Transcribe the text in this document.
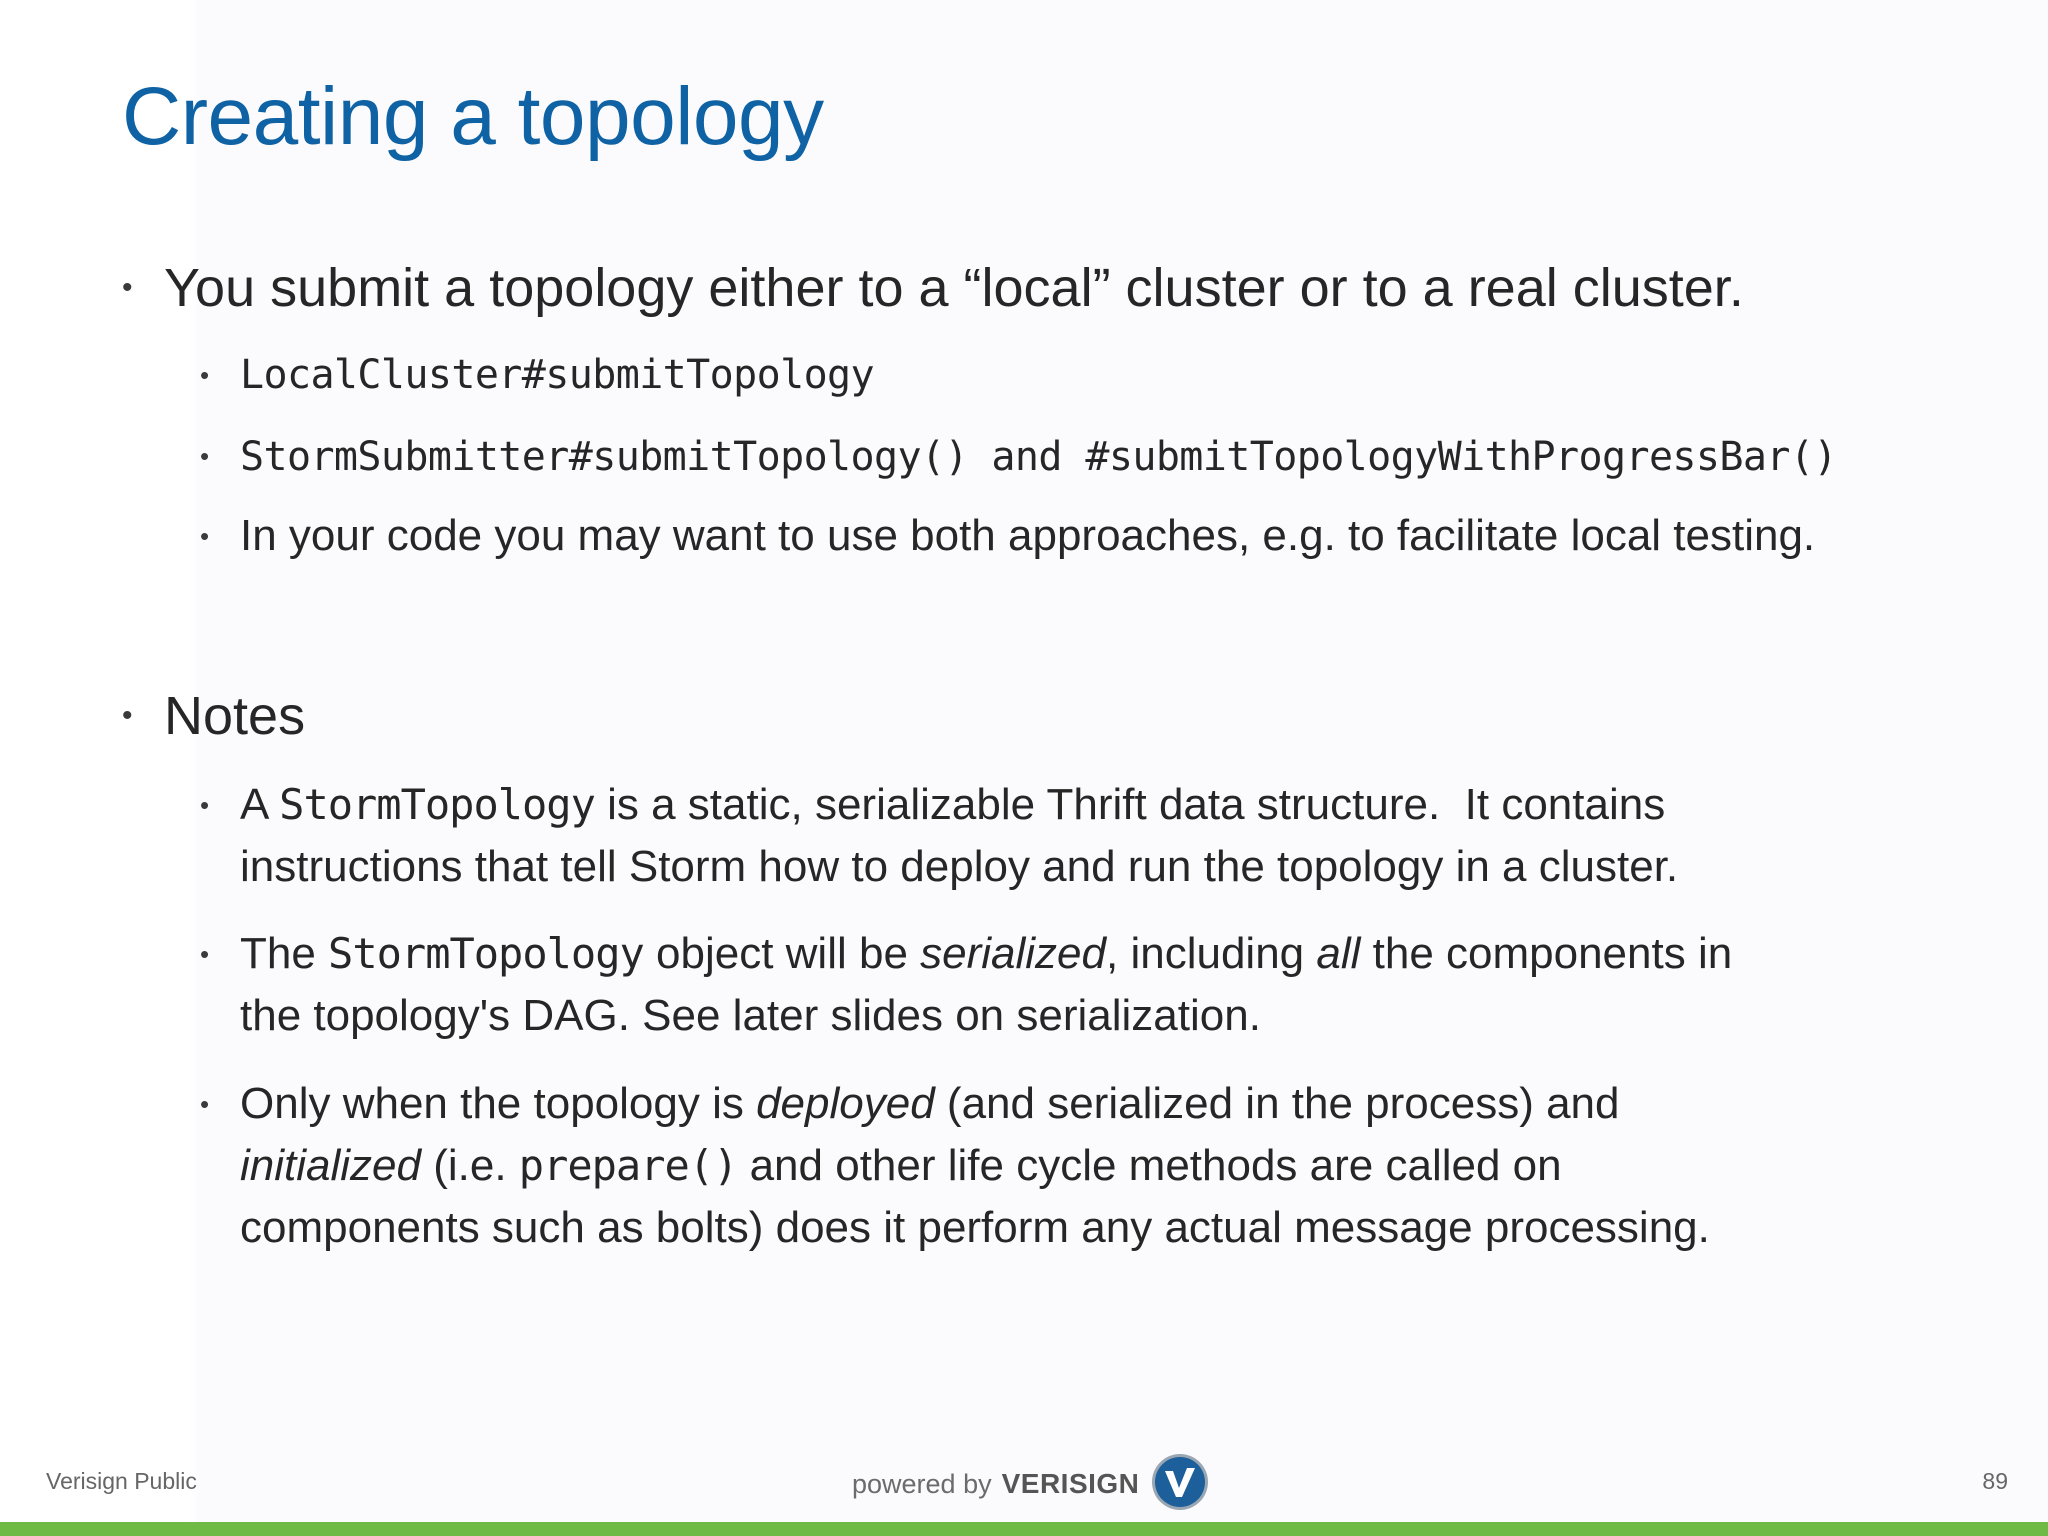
Creating a topology
• You submit a topology either to a “local” cluster or to a real cluster.
• LocalCluster#submitTopology
• StormSubmitter#submitTopology() and #submitTopologyWithProgressBar()
• In your code you may want to use both approaches, e.g. to facilitate local testing.
• Notes
• A StormTopology is a static, serializable Thrift data structure.  It contains
instructions that tell Storm how to deploy and run the topology in a cluster.
• The StormTopology object will be serialized, including all the components in
the topology's DAG. See later slides on serialization.
• Only when the topology is deployed (and serialized in the process) and
initialized (i.e. prepare() and other life cycle methods are called on
components such as bolts) does it perform any actual message processing.
Verisign Public	powered by VERISIGN	89
